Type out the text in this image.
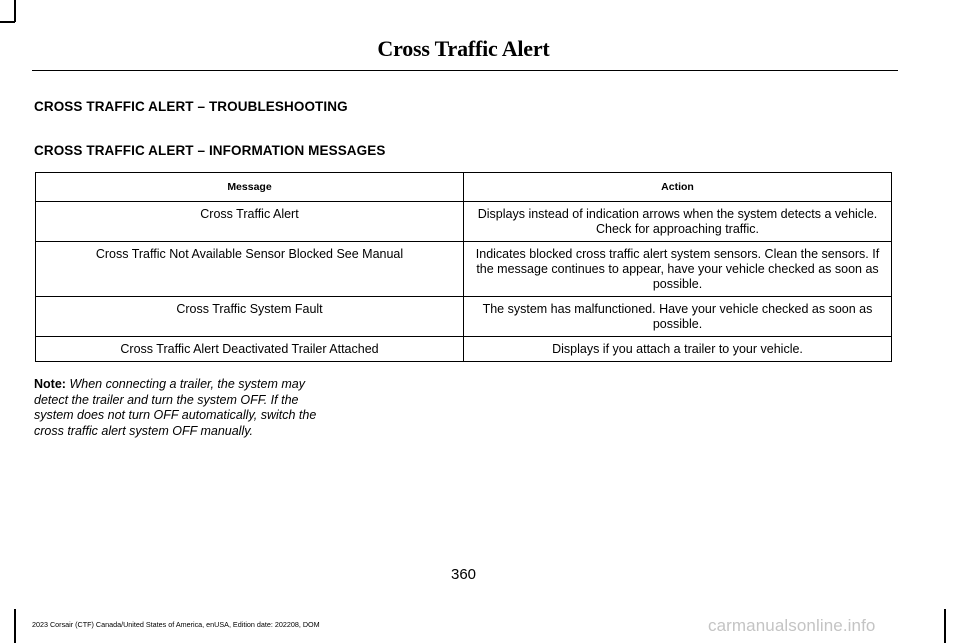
Cross Traffic Alert
CROSS TRAFFIC ALERT – TROUBLESHOOTING
CROSS TRAFFIC ALERT – INFORMATION MESSAGES
Message	Action
Cross Traffic Alert	Displays instead of indication arrows when the system detects a vehicle. Check for approaching traffic.
Cross Traffic Not Available Sensor Blocked See Manual	Indicates blocked cross traffic alert system sensors. Clean the sensors. If the message continues to appear, have your vehicle checked as soon as possible.
Cross Traffic System Fault	The system has malfunctioned. Have your vehicle checked as soon as possible.
Cross Traffic Alert Deactivated Trailer Attached	Displays if you attach a trailer to your vehicle.
Note: When connecting a trailer, the system may detect the trailer and turn the system OFF. If the system does not turn OFF automatically, switch the cross traffic alert system OFF manually.
360
2023 Corsair (CTF) Canada/United States of America, enUSA, Edition date: 202208, DOM	carmanualsonline.info
